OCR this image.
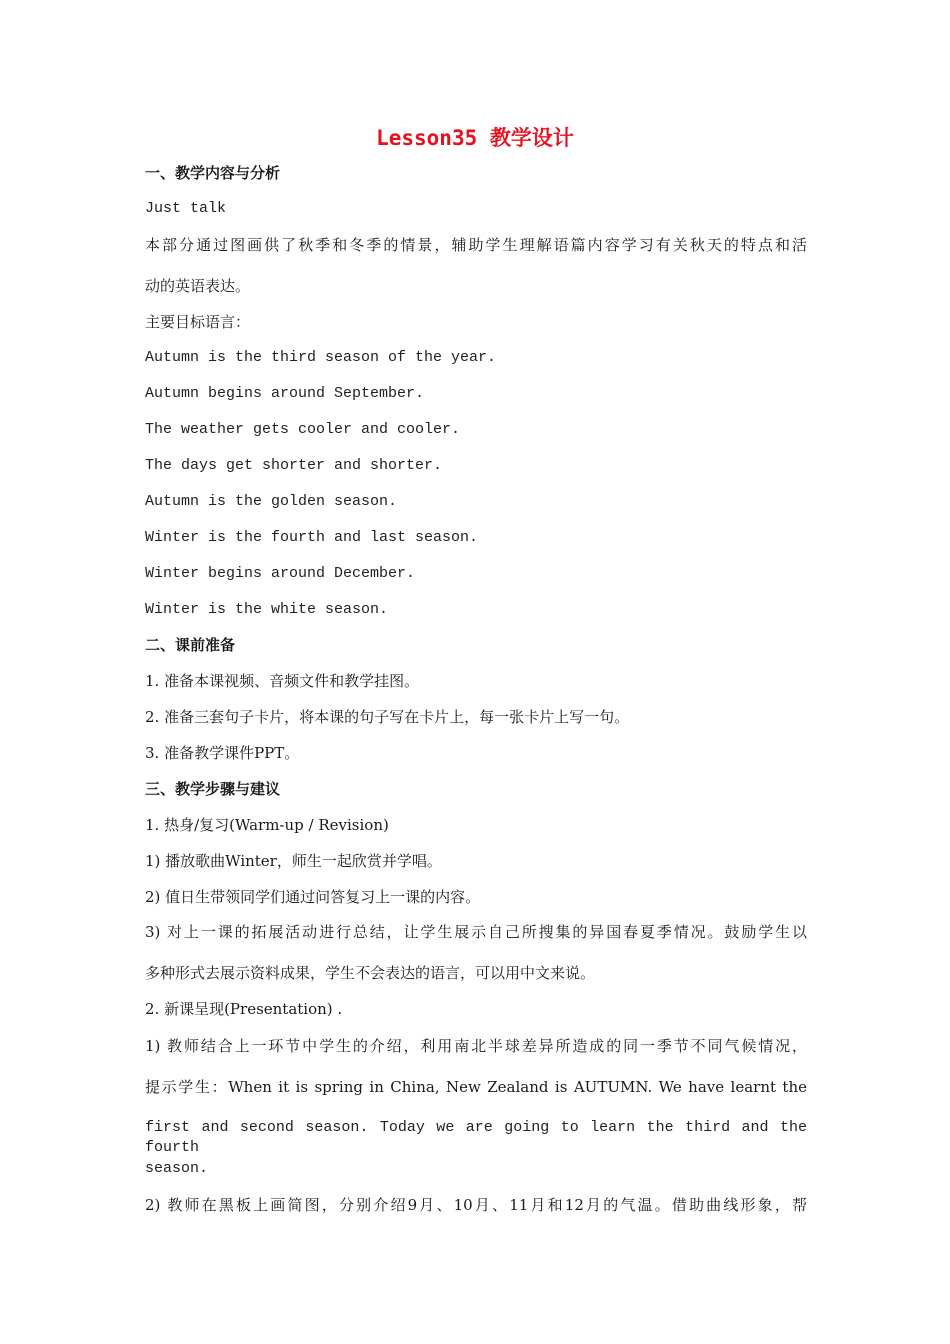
Lesson35 教学设计
一、教学内容与分析
Just talk
本部分通过图画供了秋季和冬季的情景，辅助学生理解语篇内容学习有关秋天的特点和活
动的英语表达。
主要目标语言：
Autumn is the third season of the year.
Autumn begins around September.
The weather gets cooler and cooler.
The days get shorter and shorter.
Autumn is the golden season.
Winter is the fourth and last season.
Winter begins around December.
Winter is the white season.
二、课前准备
1. 准备本课视频、音频文件和教学挂图。
2. 准备三套句子卡片，将本课的句子写在卡片上，每一张卡片上写一句。
3. 准备教学课件PPT。
三、教学步骤与建议
1. 热身/复习(Warm-up / Revision)
1) 播放歌曲Winter，师生一起欣赏并学唱。
2) 值日生带领同学们通过问答复习上一课的内容。
3) 对上一课的拓展活动进行总结，让学生展示自己所搜集的异国春夏季情况。鼓励学生以
多种形式去展示资料成果，学生不会表达的语言，可以用中文来说。
2. 新课呈现(Presentation) .
1) 教师结合上一环节中学生的介绍，利用南北半球差异所造成的同一季节不同气候情况，
提示学生：When it is spring in China, New Zealand is AUTUMN. We have learnt the
first and second season. Today we are going to learn the third and the fourth
season.
2) 教师在黑板上画简图，分别介绍9月、10月、11月和12月的气温。借助曲线形象，帮
